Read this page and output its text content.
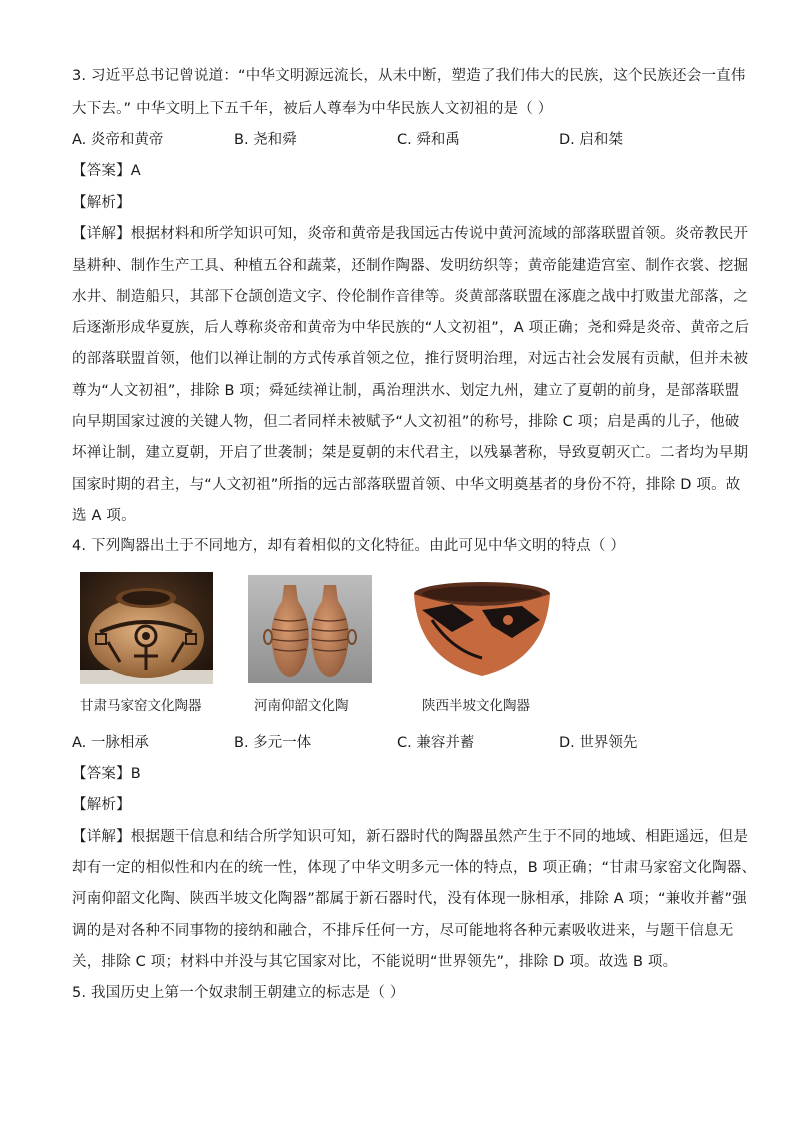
3. 习近平总书记曾说道：“中华文明源远流长，从未中断，塑造了我们伟大的民族，这个民族还会一直伟
大下去。” 中华文明上下五千年，被后人尊奉为中华民族人文初祖的是（ ）
A. 炎帝和黄帝	B. 尧和舜	C. 舜和禹	D. 启和桀
【答案】A
【解析】
【详解】根据材料和所学知识可知，炎帝和黄帝是我国远古传说中黄河流域的部落联盟首领。炎帝教民开
垦耕种、制作生产工具、种植五谷和蔬菜，还制作陶器、发明纺织等；黄帝能建造宫室、制作衣裳、挖掘
水井、制造船只，其部下仓颉创造文字、伶伦制作音律等。炎黄部落联盟在涿鹿之战中打败蚩尤部落，之
后逐渐形成华夏族，后人尊称炎帝和黄帝为中华民族的“人文初祖”，A 项正确；尧和舜是炎帝、黄帝之后
的部落联盟首领，他们以禅让制的方式传承首领之位，推行贤明治理，对远古社会发展有贡献，但并未被
尊为“人文初祖”，排除 B 项；舜延续禅让制，禹治理洪水、划定九州，建立了夏朝的前身，是部落联盟
向早期国家过渡的关键人物，但二者同样未被赋予“人文初祖”的称号，排除 C 项；启是禹的儿子，他破
坏禅让制，建立夏朝，开启了世袭制；桀是夏朝的末代君主，以残暴著称，导致夏朝灭亡。二者均为早期
国家时期的君主，与“人文初祖”所指的远古部落联盟首领、中华文明奠基者的身份不符，排除 D 项。故
选 A 项。
4. 下列陶器出土于不同地方，却有着相似的文化特征。由此可见中华文明的特点（ ）
甘肃马家窑文化陶器	河南仰韶文化陶	陕西半坡文化陶器
A. 一脉相承	B. 多元一体	C. 兼容并蓄	D. 世界领先
【答案】B
【解析】
【详解】根据题干信息和结合所学知识可知，新石器时代的陶器虽然产生于不同的地域、相距遥远，但是
却有一定的相似性和内在的统一性，体现了中华文明多元一体的特点，B 项正确；“甘肃马家窑文化陶器、
河南仰韶文化陶、陕西半坡文化陶器”都属于新石器时代，没有体现一脉相承，排除 A 项；“兼收并蓄”强
调的是对各种不同事物的接纳和融合，不排斥任何一方，尽可能地将各种元素吸收进来，与题干信息无
关，排除 C 项；材料中并没与其它国家对比，不能说明“世界领先”，排除 D 项。故选 B 项。
5. 我国历史上第一个奴隶制王朝建立的标志是（ ）
